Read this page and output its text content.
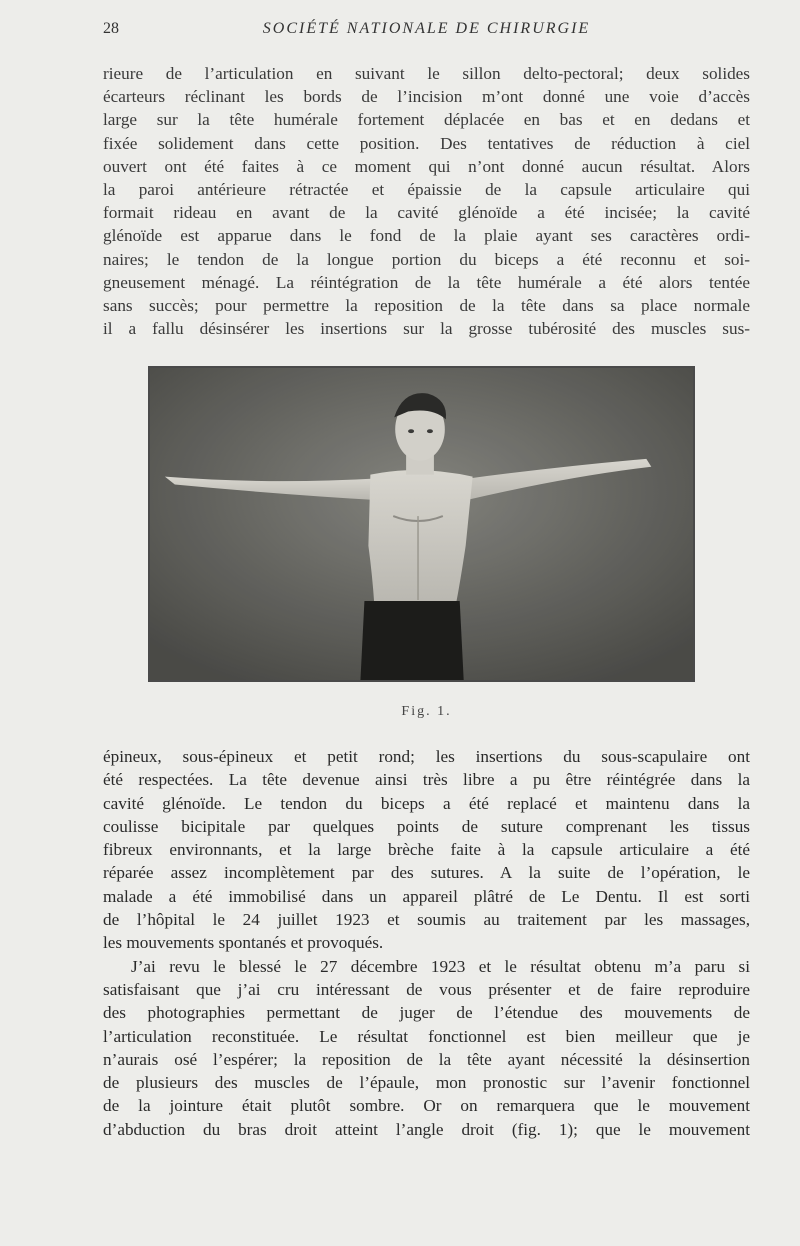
28	SOCIÉTÉ NATIONALE DE CHIRURGIE

rieure de l’articulation en suivant le sillon delto-pectoral; deux solides

écarteurs réclinant les bords de l’incision m’ont donné une voie d’accès

large sur la tête humérale fortement déplacée en bas et en dedans et

fixée solidement dans cette position. Des tentatives de réduction à ciel

ouvert ont été faites à ce moment qui n’ont donné aucun résultat. Alors

la paroi antérieure rétractée et épaissie de la capsule articulaire qui

formait rideau en avant de la cavité glénoïde a été incisée; la cavité

glénoïde est apparue dans le fond de la plaie ayant ses caractères ordi-

naires; le tendon de la longue portion du biceps a été reconnu et soi-

gneusement ménagé. La réintégration de la tête humérale a été alors tentée

sans succès; pour permettre la reposition de la tête dans sa place normale

il a fallu désinsérer les insertions sur la grosse tubérosité des muscles sus-

Fig. 1.

épineux, sous-épineux et petit rond; les insertions du sous-scapulaire ont

été respectées. La tête devenue ainsi très libre a pu être réintégrée dans la

cavité glénoïde. Le tendon du biceps a été replacé et maintenu dans la

coulisse bicipitale par quelques points de suture comprenant les tissus

fibreux environnants, et la large brèche faite à la capsule articulaire a été

réparée assez incomplètement par des sutures. A la suite de l’opération, le

malade a été immobilisé dans un appareil plâtré de Le Dentu. Il est sorti

de l’hôpital le 24 juillet 1923 et soumis au traitement par les massages,

les mouvements spontanés et provoqués.

J’ai revu le blessé le 27 décembre 1923 et le résultat obtenu m’a paru si

satisfaisant que j’ai cru intéressant de vous présenter et de faire reproduire

des photographies permettant de juger de l’étendue des mouvements de

l’articulation reconstituée. Le résultat fonctionnel est bien meilleur que je

n’aurais osé l’espérer; la reposition de la tête ayant nécessité la désinsertion

de plusieurs des muscles de l’épaule, mon pronostic sur l’avenir fonctionnel

de la jointure était plutôt sombre. Or on remarquera que le mouvement

d’abduction du bras droit atteint l’angle droit (fig. 1); que le mouvement
